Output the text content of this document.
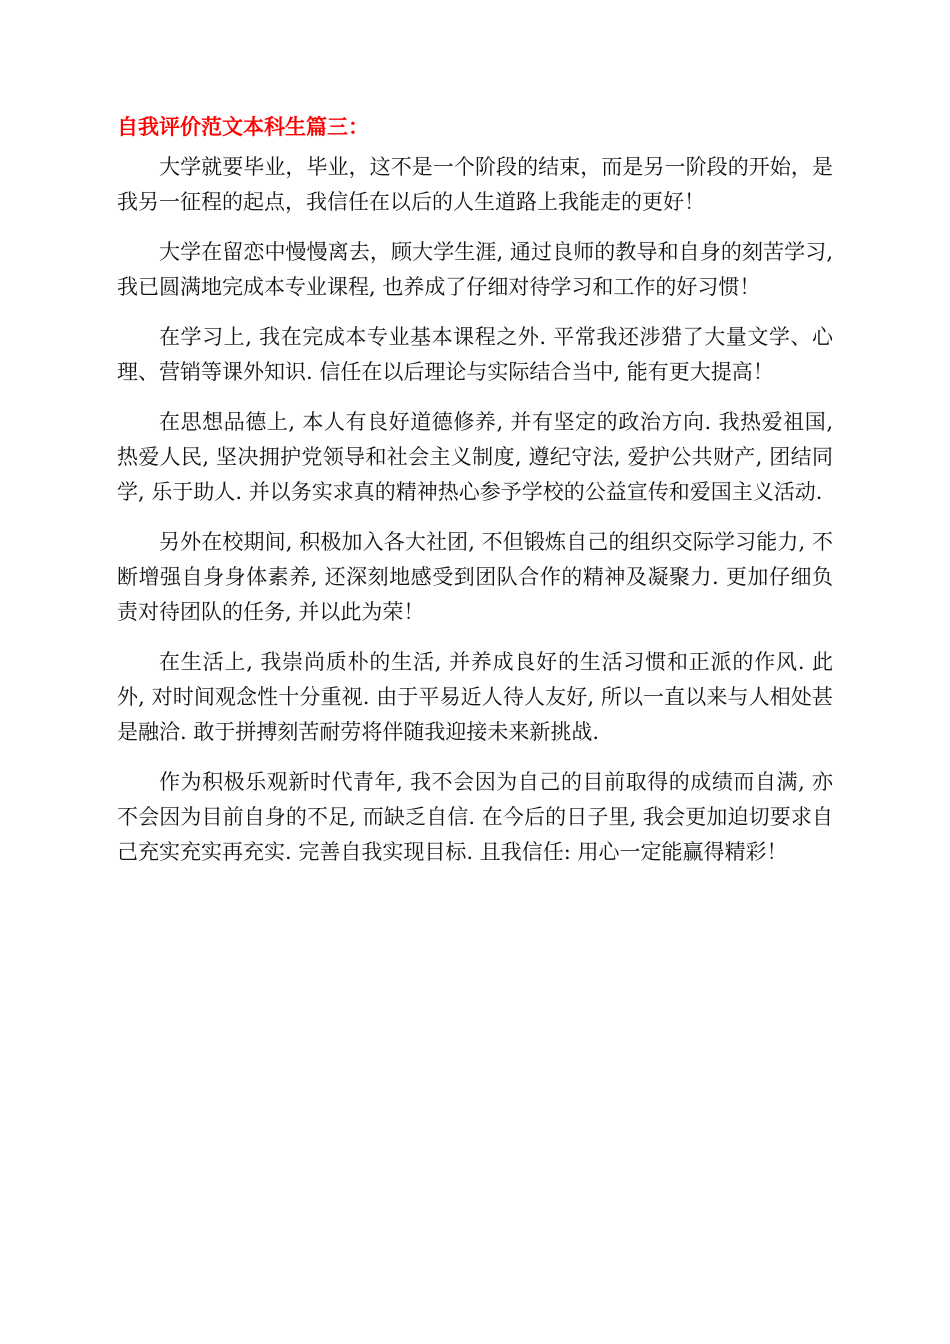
自我评价范文本科生篇三：

大学就要毕业，毕业，这不是一个阶段的结束，而是另一阶段的开始，是我另一征程的起点，我信任在以后的人生道路上我能走的更好！

大学在留恋中慢慢离去，顾大学生涯, 通过良师的教导和自身的刻苦学习, 我已圆满地完成本专业课程, 也养成了仔细对待学习和工作的好习惯！

在学习上, 我在完成本专业基本课程之外. 平常我还涉猎了大量文学、心理、营销等课外知识. 信任在以后理论与实际结合当中, 能有更大提高！

在思想品德上, 本人有良好道德修养, 并有坚定的政治方向. 我热爱祖国, 热爱人民, 坚决拥护党领导和社会主义制度, 遵纪守法, 爱护公共财产, 团结同学, 乐于助人. 并以务实求真的精神热心参予学校的公益宣传和爱国主义活动.

另外在校期间, 积极加入各大社团, 不但锻炼自己的组织交际学习能力, 不断增强自身身体素养, 还深刻地感受到团队合作的精神及凝聚力. 更加仔细负责对待团队的任务, 并以此为荣！

在生活上, 我崇尚质朴的生活, 并养成良好的生活习惯和正派的作风. 此外, 对时间观念性十分重视. 由于平易近人待人友好, 所以一直以来与人相处甚是融洽. 敢于拼搏刻苦耐劳将伴随我迎接未来新挑战.

作为积极乐观新时代青年, 我不会因为自己的目前取得的成绩而自满, 亦不会因为目前自身的不足, 而缺乏自信. 在今后的日子里, 我会更加迫切要求自己充实充实再充实. 完善自我实现目标. 且我信任: 用心一定能赢得精彩！
